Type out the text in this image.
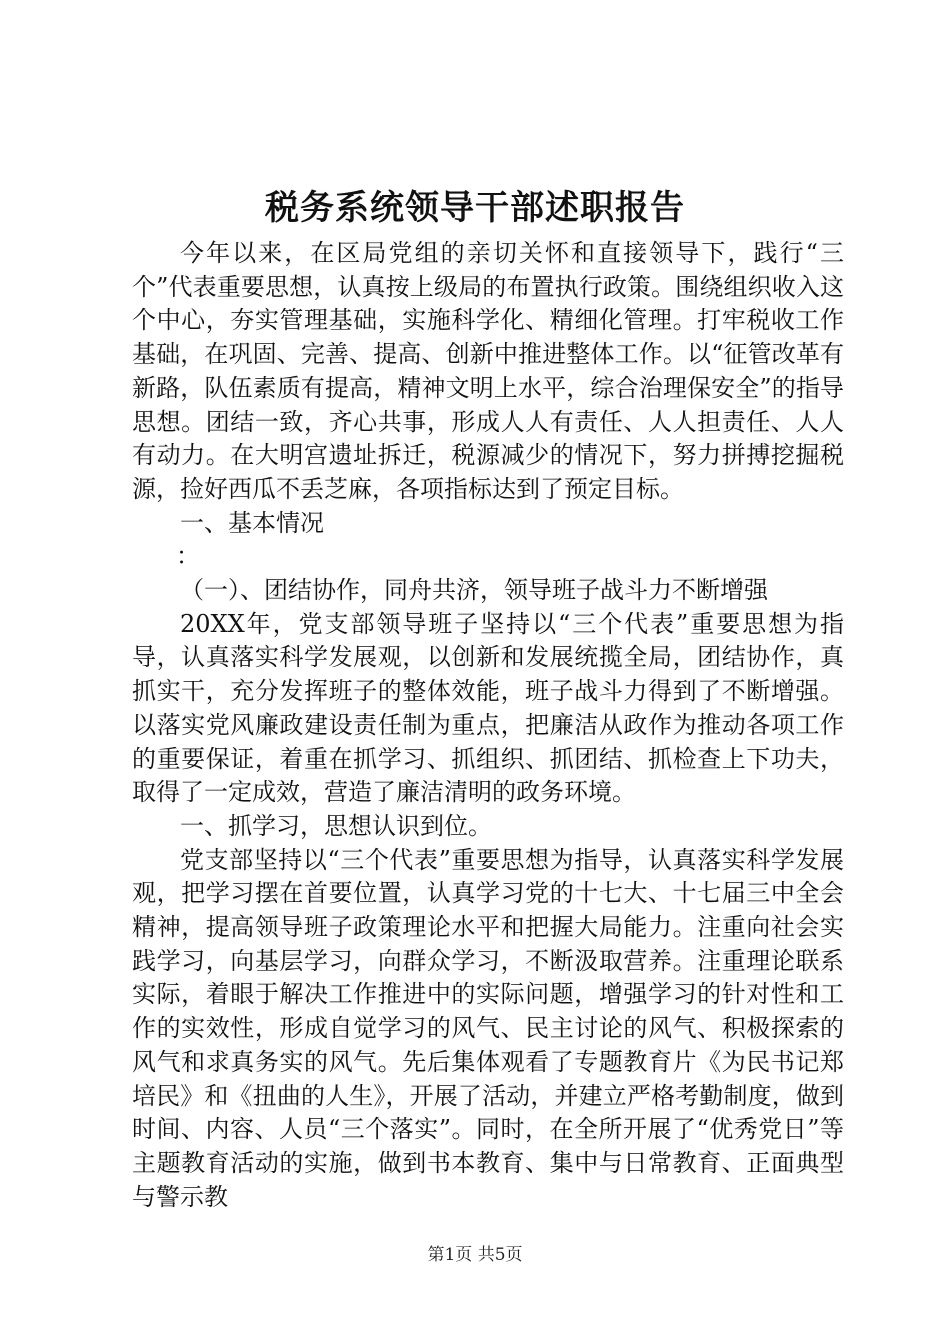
税务系统领导干部述职报告

今年以来，在区局党组的亲切关怀和直接领导下，践行“三个”代表重要思想，认真按上级局的布置执行政策。围绕组织收入这个中心，夯实管理基础，实施科学化、精细化管理。打牢税收工作基础，在巩固、完善、提高、创新中推进整体工作。以“征管改革有新路，队伍素质有提高，精神文明上水平，综合治理保安全”的指导思想。团结一致，齐心共事，形成人人有责任、人人担责任、人人有动力。在大明宫遗址拆迁，税源减少的情况下，努力拼搏挖掘税源，捡好西瓜不丢芝麻，各项指标达到了预定目标。

一、基本情况

：

（一）、团结协作，同舟共济，领导班子战斗力不断增强

20XX年，党支部领导班子坚持以“三个代表”重要思想为指导，认真落实科学发展观，以创新和发展统揽全局，团结协作，真抓实干，充分发挥班子的整体效能，班子战斗力得到了不断增强。以落实党风廉政建设责任制为重点，把廉洁从政作为推动各项工作的重要保证，着重在抓学习、抓组织、抓团结、抓检查上下功夫，取得了一定成效，营造了廉洁清明的政务环境。

一、抓学习，思想认识到位。

党支部坚持以“三个代表”重要思想为指导，认真落实科学发展观，把学习摆在首要位置，认真学习党的十七大、十七届三中全会精神，提高领导班子政策理论水平和把握大局能力。注重向社会实践学习，向基层学习，向群众学习，不断汲取营养。注重理论联系实际，着眼于解决工作推进中的实际问题，增强学习的针对性和工作的实效性，形成自觉学习的风气、民主讨论的风气、积极探索的风气和求真务实的风气。先后集体观看了专题教育片《为民书记郑培民》和《扭曲的人生》，开展了活动，并建立严格考勤制度，做到时间、内容、人员“三个落实”。同时，在全所开展了“优秀党日”等主题教育活动的实施，做到书本教育、集中与日常教育、正面典型与警示教

第1页 共5页
